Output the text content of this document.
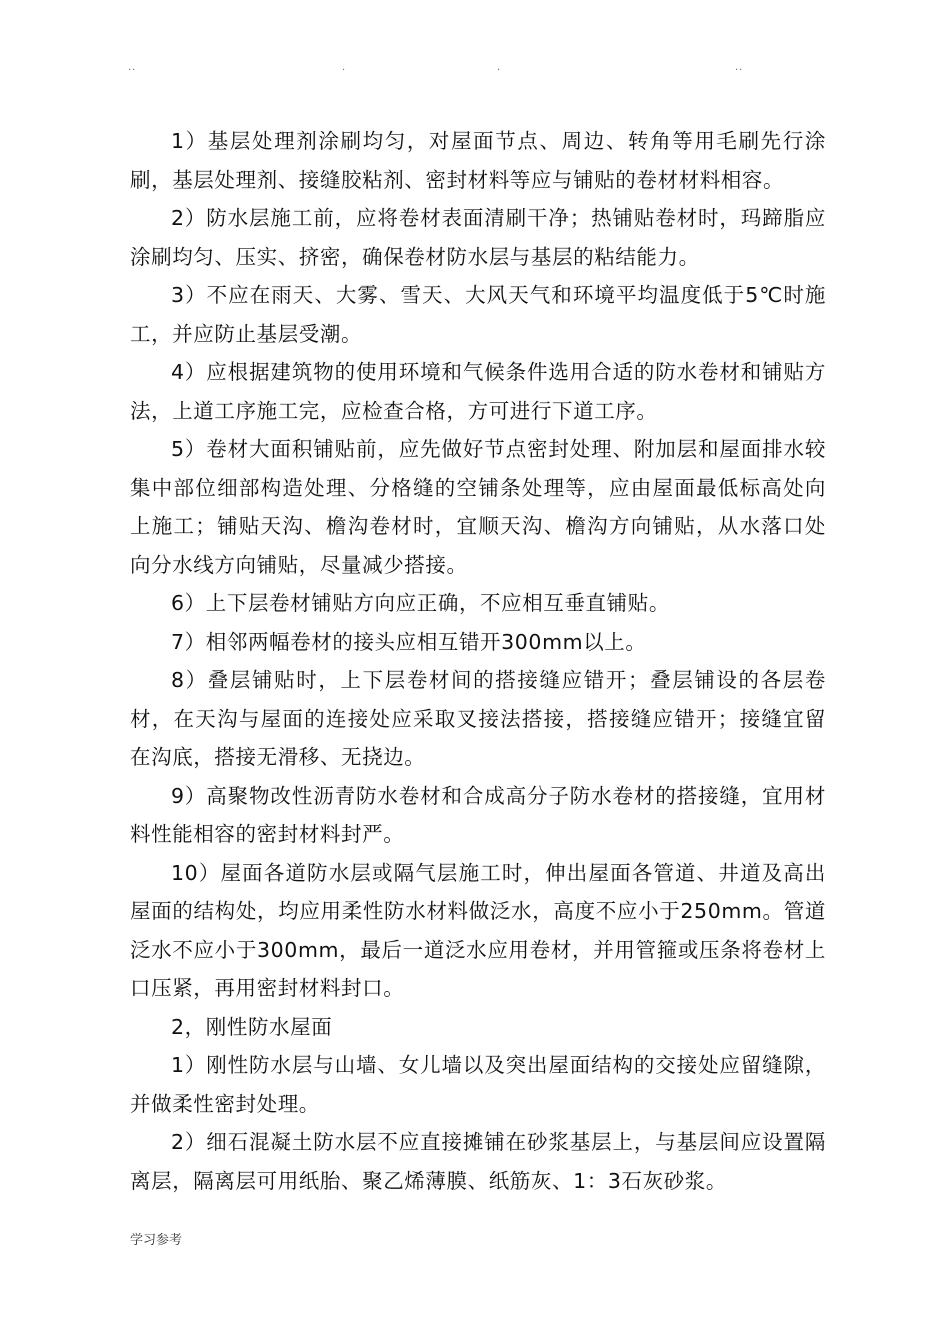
..	.	.	..

1）基层处理剂涂刷均匀，对屋面节点、周边、转角等用毛刷先行涂刷，基层处理剂、接缝胶粘剂、密封材料等应与铺贴的卷材材料相容。

2）防水层施工前，应将卷材表面清刷干净；热铺贴卷材时，玛蹄脂应涂刷均匀、压实、挤密，确保卷材防水层与基层的粘结能力。

3）不应在雨天、大雾、雪天、大风天气和环境平均温度低于5℃时施工，并应防止基层受潮。

4）应根据建筑物的使用环境和气候条件选用合适的防水卷材和铺贴方法，上道工序施工完，应检查合格，方可进行下道工序。

5）卷材大面积铺贴前，应先做好节点密封处理、附加层和屋面排水较集中部位细部构造处理、分格缝的空铺条处理等，应由屋面最低标高处向上施工；铺贴天沟、檐沟卷材时，宜顺天沟、檐沟方向铺贴，从水落口处向分水线方向铺贴，尽量减少搭接。

6）上下层卷材铺贴方向应正确，不应相互垂直铺贴。

7）相邻两幅卷材的接头应相互错开300mm以上。

8）叠层铺贴时，上下层卷材间的搭接缝应错开；叠层铺设的各层卷材，在天沟与屋面的连接处应采取叉接法搭接，搭接缝应错开；接缝宜留在沟底，搭接无滑移、无挠边。

9）高聚物改性沥青防水卷材和合成高分子防水卷材的搭接缝，宜用材料性能相容的密封材料封严。

10）屋面各道防水层或隔气层施工时，伸出屋面各管道、井道及高出屋面的结构处，均应用柔性防水材料做泛水，高度不应小于250mm。管道泛水不应小于300mm，最后一道泛水应用卷材，并用管箍或压条将卷材上口压紧，再用密封材料封口。

2，刚性防水屋面

1）刚性防水层与山墙、女儿墙以及突出屋面结构的交接处应留缝隙，并做柔性密封处理。

2）细石混凝土防水层不应直接摊铺在砂浆基层上，与基层间应设置隔离层，隔离层可用纸胎、聚乙烯薄膜、纸筋灰、1：3石灰砂浆。

学习参考
